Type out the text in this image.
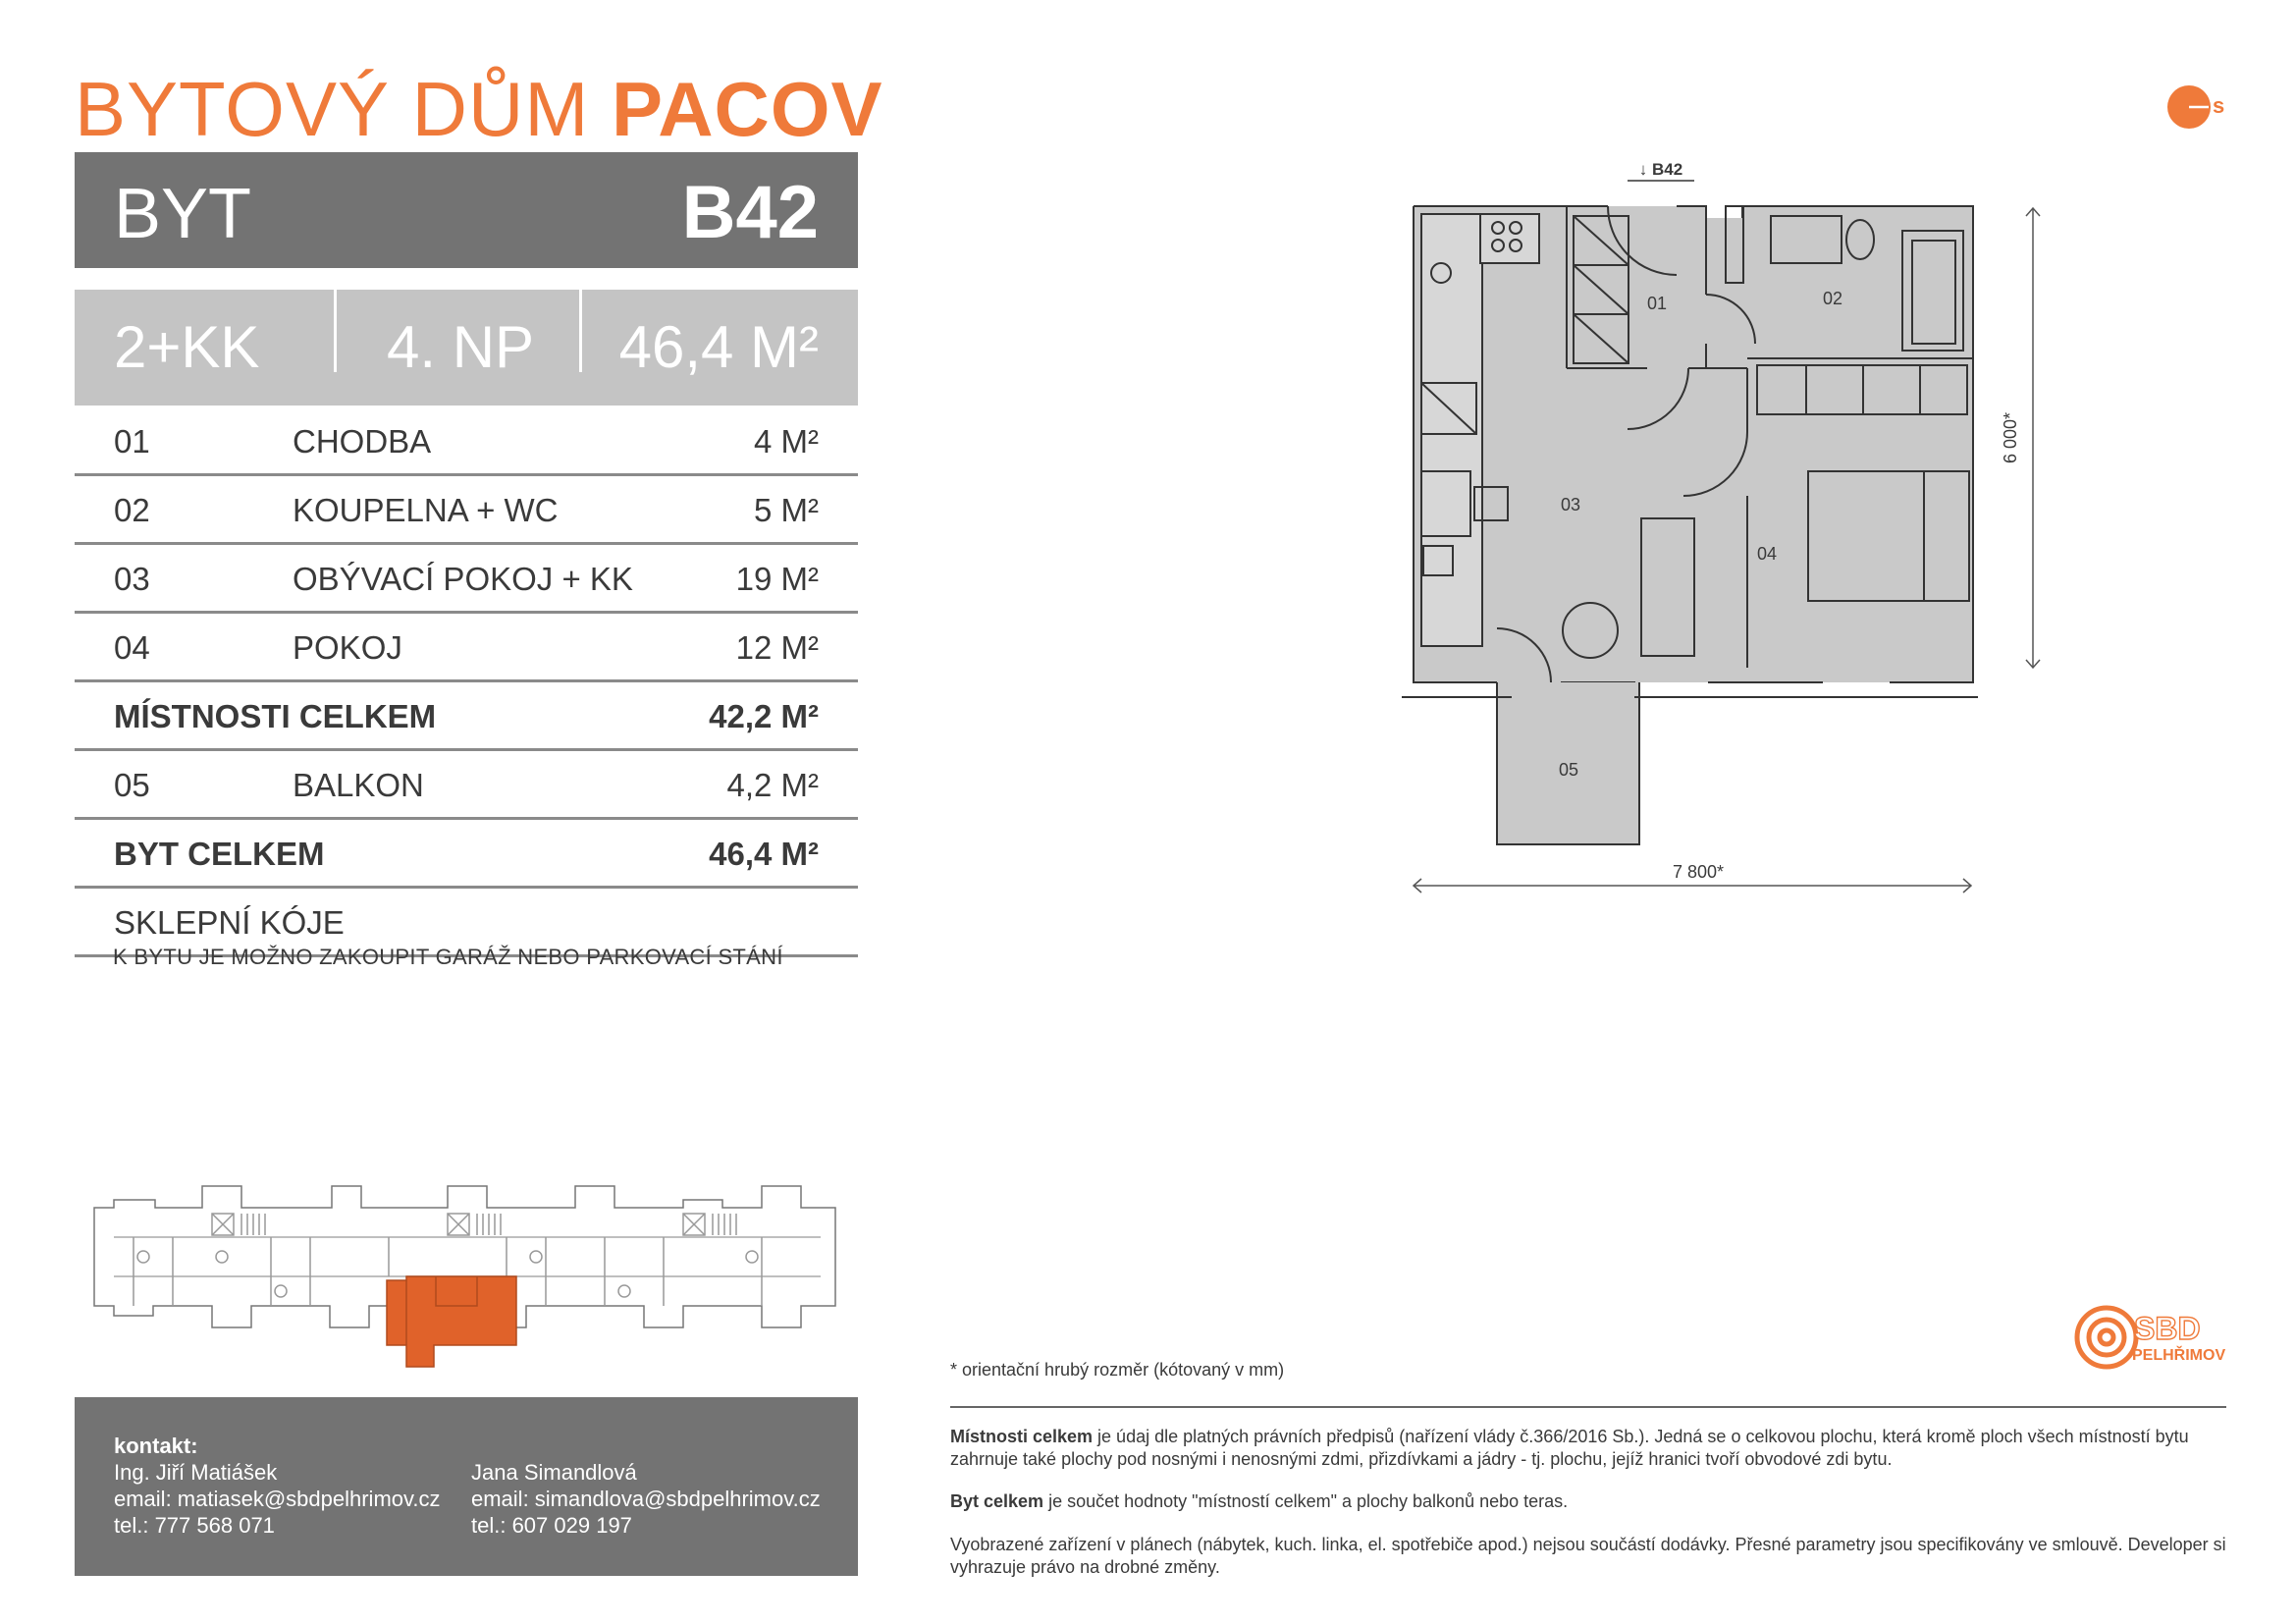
BYTOVÝ DŮM PACOV	s
BYT	B42
2+KK 4. NP 46,4 M²
01	CHODBA	4 M²
02	KOUPELNA + WC	5 M²
03	OBÝVACÍ POKOJ + KK	19 M²
04	POKOJ	12 M²
MÍSTNOSTI CELKEM	42,2 M²
05	BALKON	4,2 M²
BYT CELKEM	46,4 M²
SKLEPNÍ KÓJE
K BYTU JE MOŽNO ZAKOUPIT GARÁŽ NEBO PARKOVACÍ STÁNÍ
01	02
03
04
05
7 800*
6 000*
↓ B42
kontakt:
Ing. Jiří Matiášek
email: matiasek@sbdpelhrimov.cz
tel.: 777 568 071
Jana Simandlová
email: simandlova@sbdpelhrimov.cz
tel.: 607 029 197
SBD
PELHŘIMOV
* orientační hrubý rozměr (kótovaný v mm)
Místnosti celkem je údaj dle platných právních předpisů (nařízení vlády č.366/2016 Sb.). Jedná se o celkovou plochu, která kromě ploch všech místností bytu zahrnuje také plochy pod nosnými i nenosnými zdmi, přizdívkami a jádry - tj. plochu, jejíž hranici tvoří obvodové zdi bytu.
Byt celkem je součet hodnoty "místností celkem" a plochy balkonů nebo teras.
Vyobrazené zařízení v plánech (nábytek, kuch. linka, el. spotřebiče apod.) nejsou součástí dodávky. Přesné parametry jsou specifikovány ve smlouvě. Developer si vyhrazuje právo na drobné změny.
